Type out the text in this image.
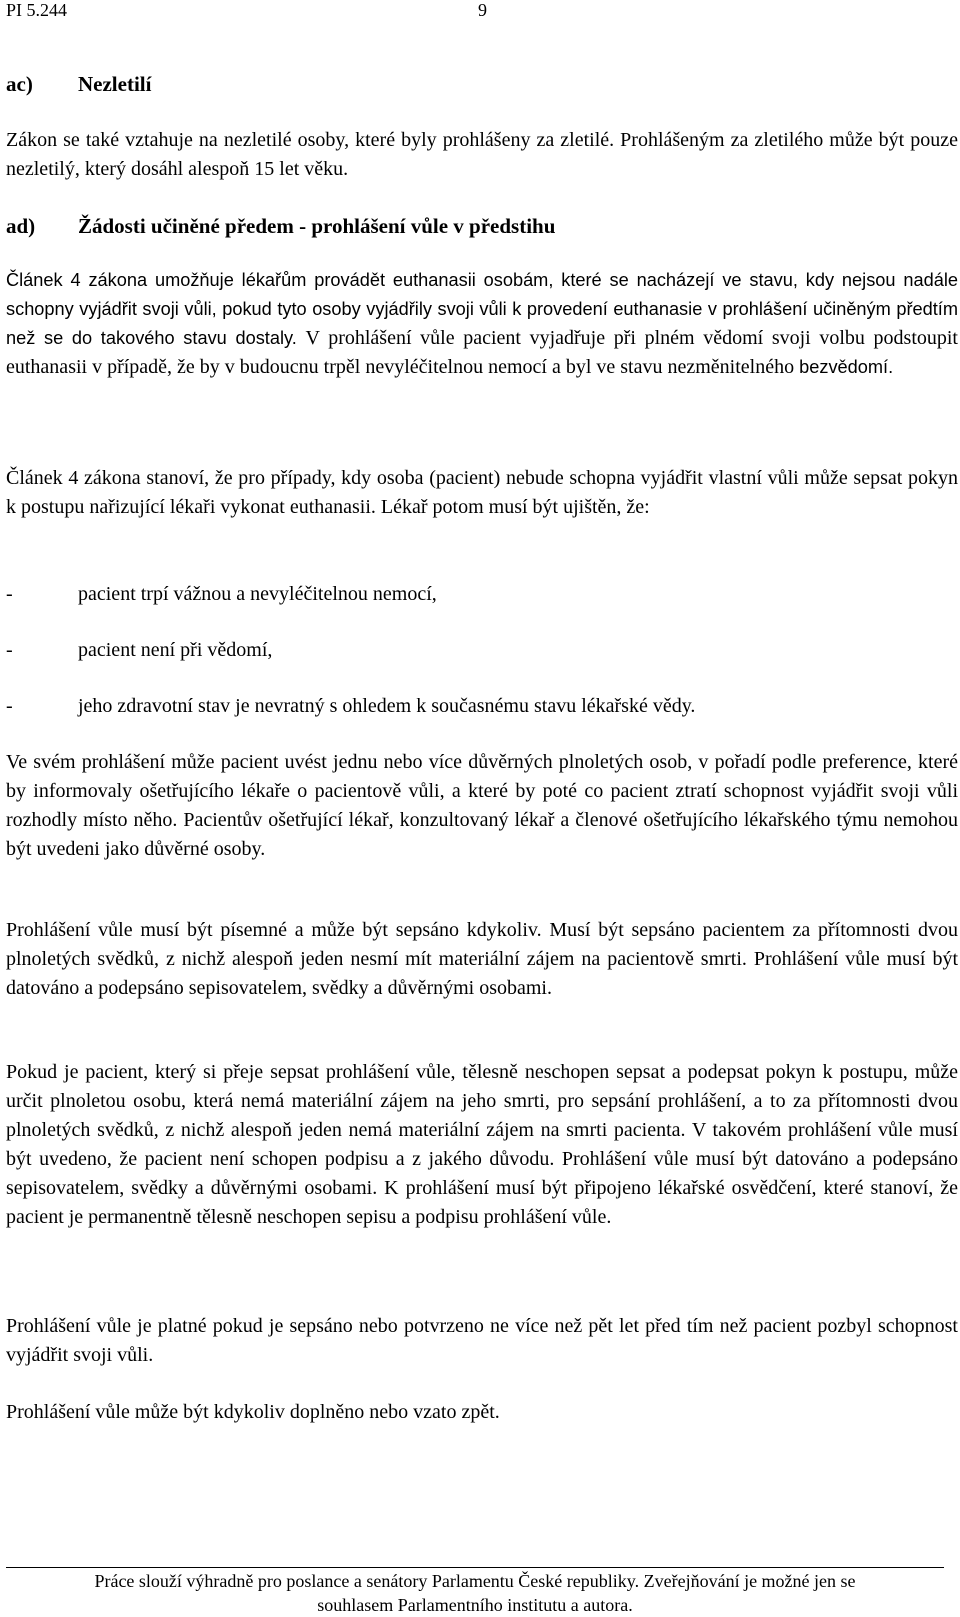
PI 5.244	9
ac)	Nezletilí

Zákon se také vztahuje na nezletilé osoby, které byly prohlášeny za zletilé. Prohlášeným za zletilého může být pouze nezletilý, který dosáhl alespoň 15 let věku.

ad)	Žádosti učiněné předem - prohlášení vůle v předstihu

Článek 4 zákona umožňuje lékařům provádět euthanasii osobám, které se nacházejí ve stavu, kdy nejsou nadále schopny vyjádřit svoji vůli, pokud tyto osoby vyjádřily svoji vůli k provedení euthanasie v prohlášení učiněným předtím než se do takového stavu dostaly. V prohlášení vůle pacient vyjadřuje při plném vědomí svoji volbu podstoupit euthanasii v případě, že by v budoucnu trpěl nevyléčitelnou nemocí a byl ve stavu nezměnitelného bezvědomí.

Článek 4 zákona stanoví, že pro případy, kdy osoba (pacient) nebude schopna vyjádřit vlastní vůli může sepsat pokyn k postupu nařizující lékaři vykonat euthanasii. Lékař potom musí být ujištěn, že:

-	pacient trpí vážnou a nevyléčitelnou nemocí,
-	pacient není při vědomí,
-	jeho zdravotní stav je nevratný s ohledem k současnému stavu lékařské vědy.

Ve svém prohlášení může pacient uvést jednu nebo více důvěrných plnoletých osob, v pořadí podle preference, které by informovaly ošetřujícího lékaře o pacientově vůli, a které by poté co pacient ztratí schopnost vyjádřit svoji vůli rozhodly místo něho. Pacientův ošetřující lékař, konzultovaný lékař a členové ošetřujícího lékařského týmu nemohou být uvedeni jako důvěrné osoby.

Prohlášení vůle musí být písemné a může být sepsáno kdykoliv. Musí být sepsáno pacientem za přítomnosti dvou plnoletých svědků, z nichž alespoň jeden nesmí mít materiální zájem na pacientově smrti. Prohlášení vůle musí být datováno a podepsáno sepisovatelem, svědky a důvěrnými osobami.

Pokud je pacient, který si přeje sepsat prohlášení vůle, tělesně neschopen sepsat a podepsat pokyn k postupu, může určit plnoletou osobu, která nemá materiální zájem na jeho smrti, pro sepsání prohlášení, a to za přítomnosti dvou plnoletých svědků, z nichž alespoň jeden nemá materiální zájem na smrti pacienta. V takovém prohlášení vůle musí být uvedeno, že pacient není schopen podpisu a z jakého důvodu. Prohlášení vůle musí být datováno a podepsáno sepisovatelem, svědky a důvěrnými osobami. K prohlášení musí být připojeno lékařské osvědčení, které stanoví, že pacient je permanentně tělesně neschopen sepisu a podpisu prohlášení vůle.

Prohlášení vůle je platné pokud je sepsáno nebo potvrzeno ne více než pět let před tím než pacient pozbyl schopnost vyjádřit svoji vůli.

Prohlášení vůle může být kdykoliv doplněno nebo vzato zpět.

Práce slouží výhradně pro poslance a senátory Parlamentu České republiky. Zveřejňování je možné jen se
souhlasem Parlamentního institutu a autora.
